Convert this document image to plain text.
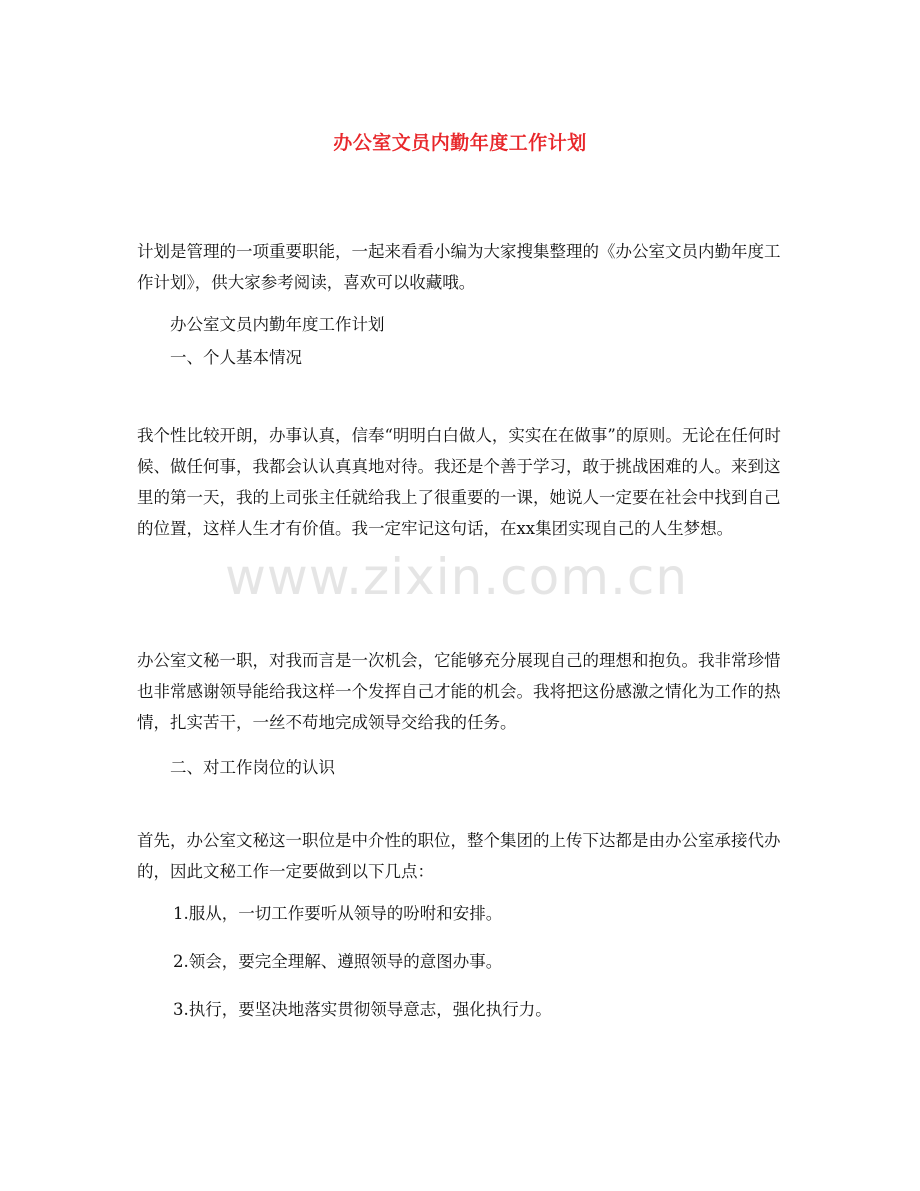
办公室文员内勤年度工作计划

计划是管理的一项重要职能，一起来看看小编为大家搜集整理的《办公室文员内勤年度工作计划》，供大家参考阅读，喜欢可以收藏哦。

办公室文员内勤年度工作计划

一、个人基本情况

我个性比较开朗，办事认真，信奉“明明白白做人，实实在在做事”的原则。无论在任何时候、做任何事，我都会认认真真地对待。我还是个善于学习，敢于挑战困难的人。来到这里的第一天，我的上司张主任就给我上了很重要的一课，她说人一定要在社会中找到自己的位置，这样人生才有价值。我一定牢记这句话，在xx集团实现自己的人生梦想。

办公室文秘一职，对我而言是一次机会，它能够充分展现自己的理想和抱负。我非常珍惜也非常感谢领导能给我这样一个发挥自己才能的机会。我将把这份感激之情化为工作的热情，扎实苦干，一丝不苟地完成领导交给我的任务。

二、对工作岗位的认识

首先，办公室文秘这一职位是中介性的职位，整个集团的上传下达都是由办公室承接代办的，因此文秘工作一定要做到以下几点：

1.服从，一切工作要听从领导的吩咐和安排。

2.领会，要完全理解、遵照领导的意图办事。

3.执行，要坚决地落实贯彻领导意志，强化执行力。

www.zixin.com.cn
